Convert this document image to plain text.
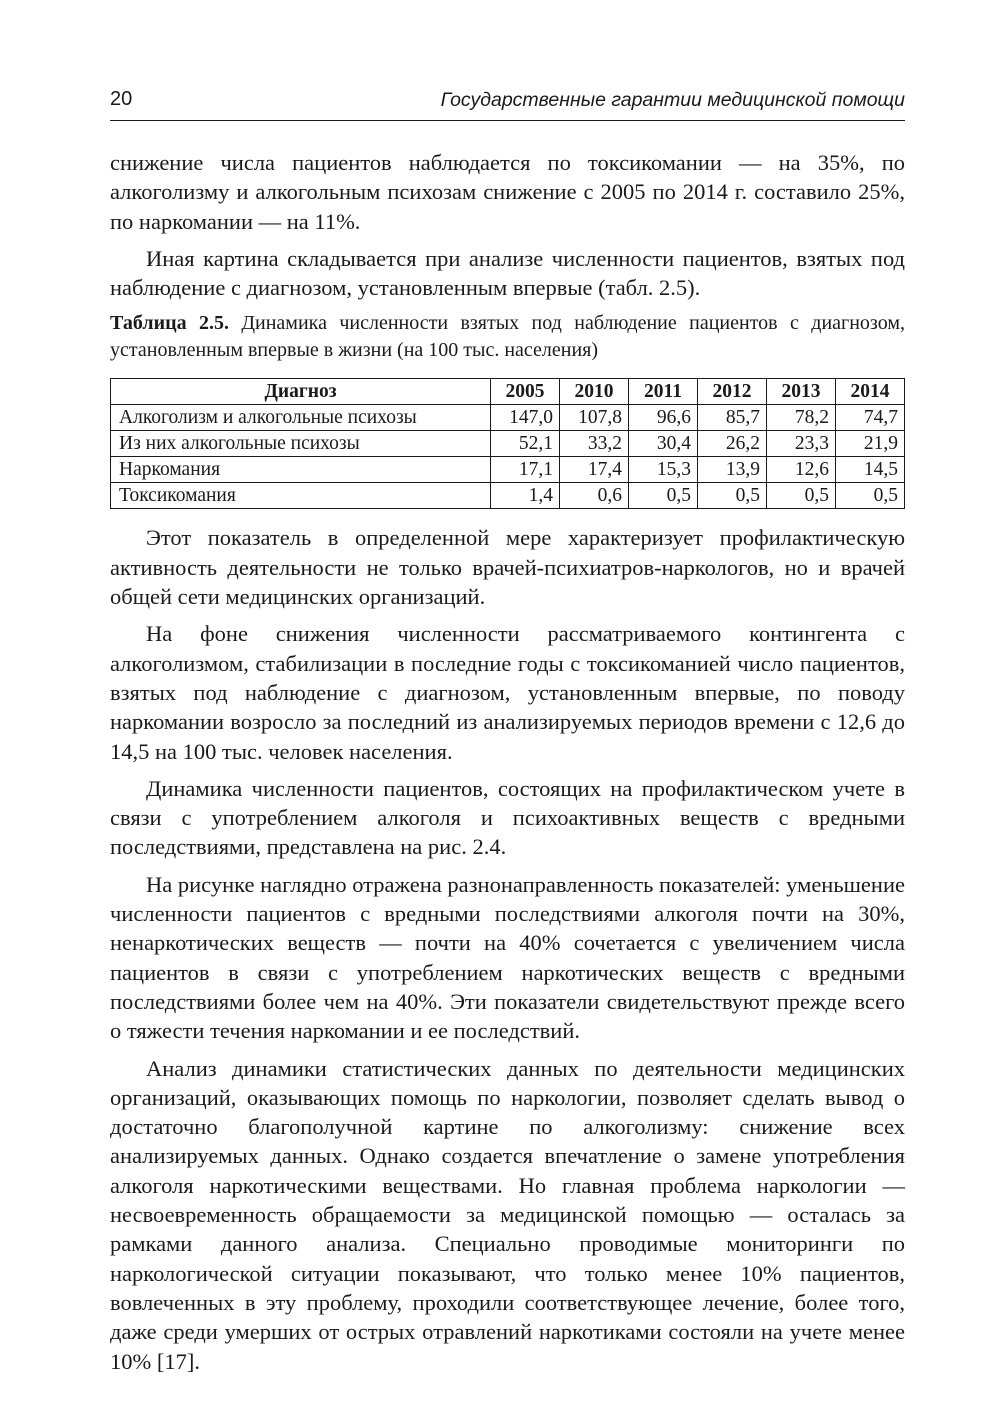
20	Государственные гарантии медицинской помощи

снижение числа пациентов наблюдается по токсикомании — на 35%, по алкоголизму и алкогольным психозам снижение с 2005 по 2014 г. составило 25%, по наркомании — на 11%.

Иная картина складывается при анализе численности пациентов, взятых под наблюдение с диагнозом, установленным впервые (табл. 2.5).

Таблица 2.5. Динамика численности взятых под наблюдение пациентов с диагнозом, установленным впервые в жизни (на 100 тыс. населения)
Диагноз	2005	2010	2011	2012	2013	2014
Алкоголизм и алкогольные психозы	147,0	107,8	96,6	85,7	78,2	74,7
Из них алкогольные психозы	52,1	33,2	30,4	26,2	23,3	21,9
Наркомания	17,1	17,4	15,3	13,9	12,6	14,5
Токсикомания	1,4	0,6	0,5	0,5	0,5	0,5

Этот показатель в определенной мере характеризует профилактическую активность деятельности не только врачей-психиатров-наркологов, но и врачей общей сети медицинских организаций.

На фоне снижения численности рассматриваемого контингента с алкоголизмом, стабилизации в последние годы с токсикоманией число пациентов, взятых под наблюдение с диагнозом, установленным впервые, по поводу наркомании возросло за последний из анализируемых периодов времени с 12,6 до 14,5 на 100 тыс. человек населения.

Динамика численности пациентов, состоящих на профилактическом учете в связи с употреблением алкоголя и психоактивных веществ с вредными последствиями, представлена на рис. 2.4.

На рисунке наглядно отражена разнонаправленность показателей: уменьшение численности пациентов с вредными последствиями алкоголя почти на 30%, ненаркотических веществ — почти на 40% сочетается с увеличением числа пациентов в связи с употреблением наркотических веществ с вредными последствиями более чем на 40%. Эти показатели свидетельствуют прежде всего о тяжести течения наркомании и ее последствий.

Анализ динамики статистических данных по деятельности медицинских организаций, оказывающих помощь по наркологии, позволяет сделать вывод о достаточно благополучной картине по алкоголизму: снижение всех анализируемых данных. Однако создается впечатление о замене употребления алкоголя наркотическими веществами. Но главная проблема наркологии — несвоевременность обращаемости за медицинской помощью — осталась за рамками данного анализа. Специально проводимые мониторинги по наркологической ситуации показывают, что только менее 10% пациентов, вовлеченных в эту проблему, проходили соответствующее лечение, более того, даже среди умерших от острых отравлений наркотиками состояли на учете менее 10% [17].
